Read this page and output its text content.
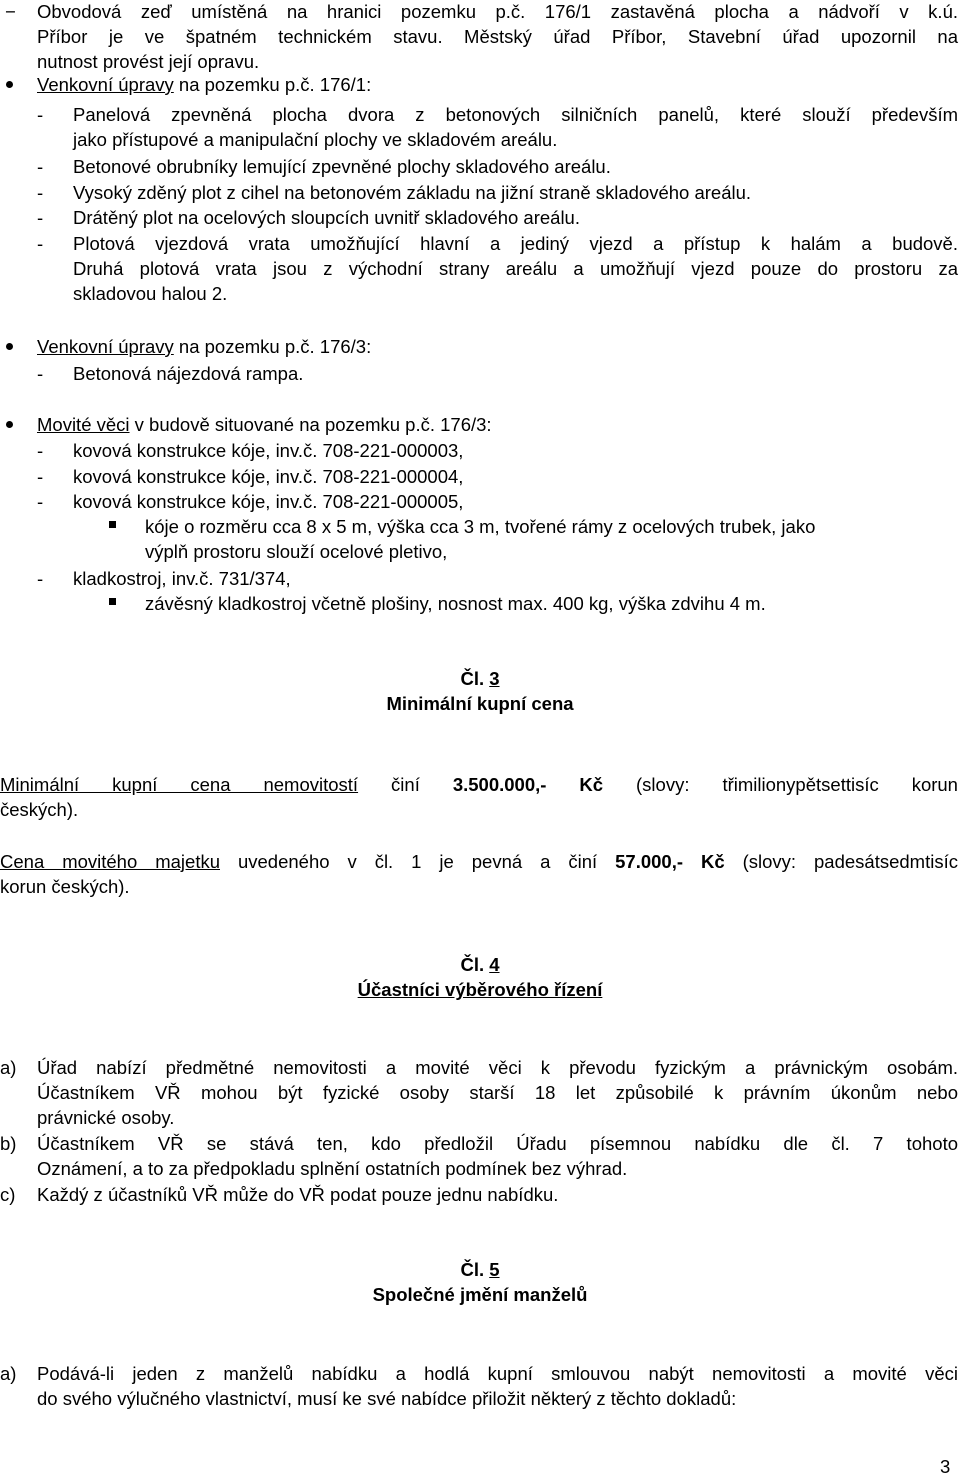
− Obvodová zeď umístěná na hranici pozemku p.č. 176/1 zastavěná plocha a nádvoří v k.ú.
Příbor je ve špatném technickém stavu. Městský úřad Příbor, Stavební úřad upozornil na
nutnost provést její opravu.
Venkovní úpravy na pozemku p.č. 176/1:
- Panelová zpevněná plocha dvora z betonových silničních panelů, které slouží především
jako přístupové a manipulační plochy ve skladovém areálu.
- Betonové obrubníky lemující zpevněné plochy skladového areálu.
- Vysoký zděný plot z cihel na betonovém základu na jižní straně skladového areálu.
- Drátěný plot na ocelových sloupcích uvnitř skladového areálu.
- Plotová vjezdová vrata umožňující hlavní a jediný vjezd a přístup k halám a budově.
Druhá plotová vrata jsou z východní strany areálu a umožňují vjezd pouze do prostoru za
skladovou halou 2.
Venkovní úpravy na pozemku p.č. 176/3:
- Betonová nájezdová rampa.
Movité věci v budově situované na pozemku p.č. 176/3:
- kovová konstrukce kóje, inv.č. 708-221-000003,
- kovová konstrukce kóje, inv.č. 708-221-000004,
- kovová konstrukce kóje, inv.č. 708-221-000005,
kóje o rozměru cca 8 x 5 m, výška cca 3 m, tvořené rámy z ocelových trubek, jako
výplň prostoru slouží ocelové pletivo,
- kladkostroj, inv.č. 731/374,
závěsný kladkostroj včetně plošiny, nosnost max. 400 kg, výška zdvihu 4 m.
Čl. 3
Minimální kupní cena
Minimální kupní cena nemovitostí činí 3.500.000,- Kč (slovy: třimilionypětsettisíc korun
českých).
Cena movitého majetku uvedeného v čl. 1 je pevná a činí 57.000,- Kč (slovy: padesátsedmtisíc
korun českých).
Čl. 4
Účastníci výběrového řízení
a) Úřad nabízí předmětné nemovitosti a movité věci k převodu fyzickým a právnickým osobám.
Účastníkem VŘ mohou být fyzické osoby starší 18 let způsobilé k právním úkonům nebo
právnické osoby.
b) Účastníkem VŘ se stává ten, kdo předložil Úřadu písemnou nabídku dle čl. 7 tohoto
Oznámení, a to za předpokladu splnění ostatních podmínek bez výhrad.
c) Každý z účastníků VŘ může do VŘ podat pouze jednu nabídku.
Čl. 5
Společné jmění manželů
a) Podává-li jeden z manželů nabídku a hodlá kupní smlouvou nabýt nemovitosti a movité věci
do svého výlučného vlastnictví, musí ke své nabídce přiložit některý z těchto dokladů:
3
